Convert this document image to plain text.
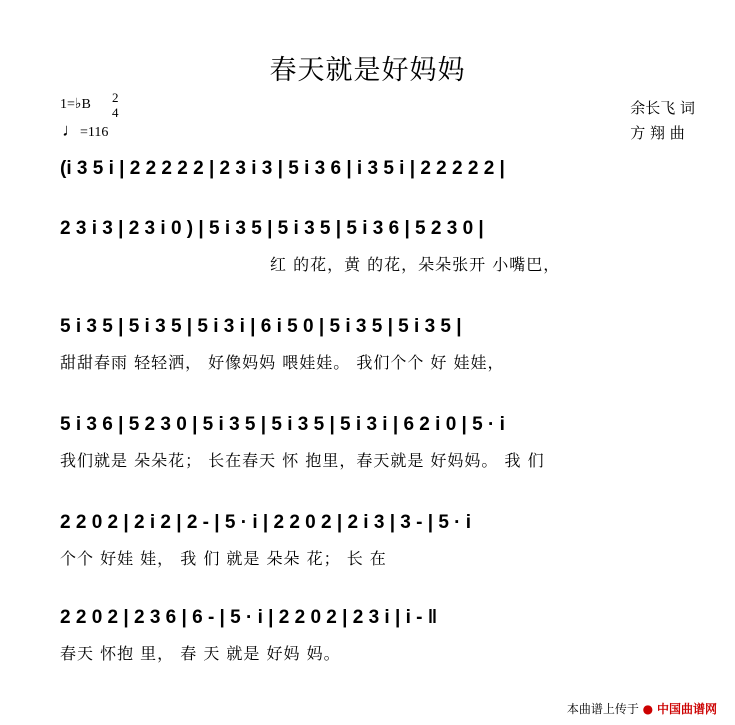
春天就是好妈妈
1=♭B 2
4
♩=116
余长飞 词
方 翔 曲
(i 3 5 i | 2 2 2 2 2 | 2 3 i 3 | 5 i 3 6 | i 3 5 i | 2 2 2 2 2 |
2 3 i 3 | 2 3 i 0 ) | 5 i 3 5 | 5 i 3 5 | 5 i 3 6 | 5 2 3 0 |
红 的花，黄 的花，朵朵张开 小嘴巴，
5 i 3 5 | 5 i 3 5 | 5 i 3 i | 6 i 5 0 | 5 i 3 5 | 5 i 3 5 |
甜甜春雨 轻轻洒， 好像妈妈 喂娃娃。 我们个个 好 娃娃，
5 i 3 6 | 5 2 3 0 | 5 i 3 5 | 5 i 3 5 | 5 i 3 i | 6 2 i 0 | 5 · i
我们就是 朵朵花； 长在春天 怀 抱里，春天就是 好妈妈。 我 们
2 2 0 2 | 2 i 2 | 2 - | 5 · i | 2 2 0 2 | 2 i 3 | 3 - | 5 · i
个个 好娃 娃， 我 们 就是 朵朵 花； 长 在
2 2 0 2 | 2 3 6 | 6 - | 5 · i | 2 2 0 2 | 2 3 i | i - ‖
春天 怀抱 里， 春 天 就是 好妈 妈。
本曲谱上传于 ● 中国曲谱网
